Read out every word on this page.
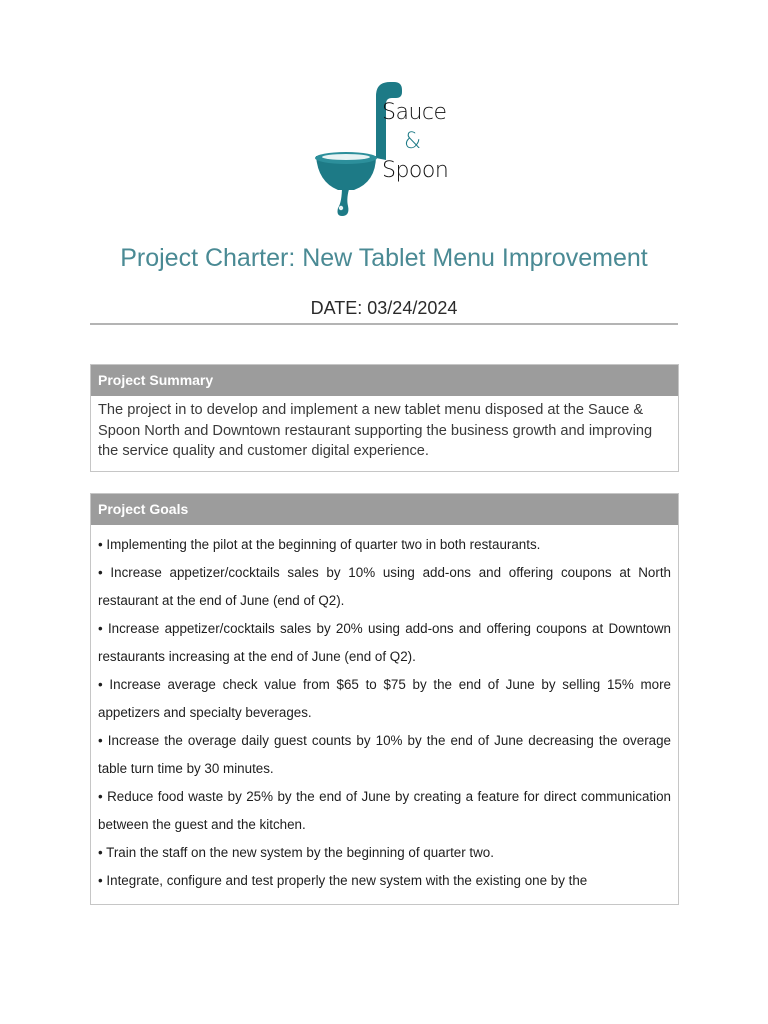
Sauce
&
Spoon
Project Charter: New Tablet Menu Improvement
DATE: 03/24/2024
Project Summary
The project in to develop and implement a new tablet menu disposed at the Sauce & Spoon North and Downtown restaurant supporting the business growth and improving the service quality and customer digital experience.
Project Goals
• Implementing the pilot at the beginning of quarter two in both restaurants.
• Increase appetizer/cocktails sales by 10% using add-ons and offering coupons at North restaurant at the end of June (end of Q2).
• Increase appetizer/cocktails sales by 20% using add-ons and offering coupons at Downtown restaurants increasing at the end of June (end of Q2).
• Increase average check value from $65 to $75 by the end of June by selling 15% more appetizers and specialty beverages.
• Increase the overage daily guest counts by 10% by the end of June decreasing the overage table turn time by 30 minutes.
• Reduce food waste by 25% by the end of June by creating a feature for direct communication between the guest and the kitchen.
• Train the staff on the new system by the beginning of quarter two.
• Integrate, configure and test properly the new system with the existing one by the
